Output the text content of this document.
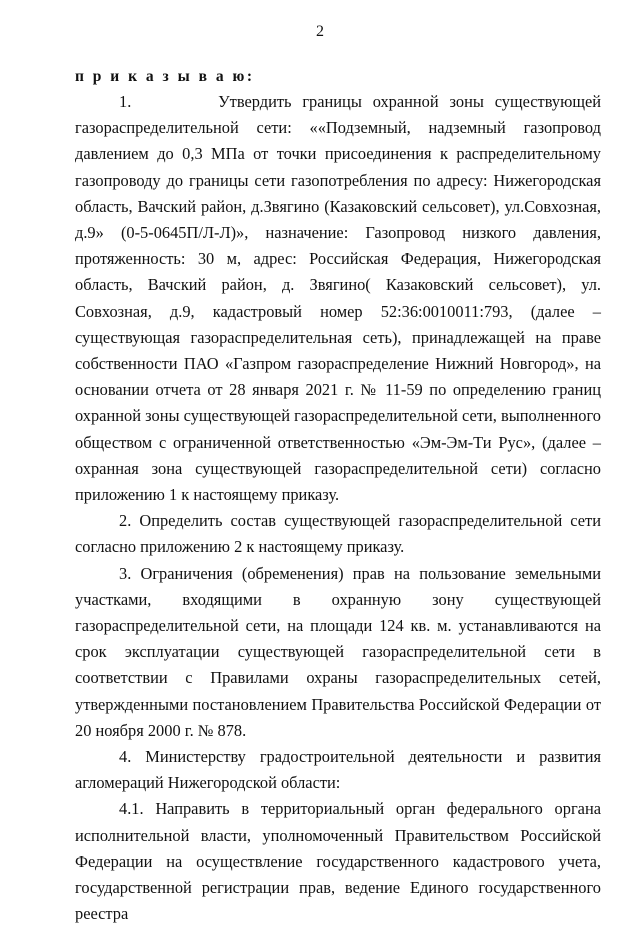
2
п р и к а з ы в а ю:

1.        Утвердить границы охранной зоны существующей газораспределительной сети: ««Подземный, надземный газопровод давлением до 0,3 МПа от точки присоединения к распределительному газопроводу до границы сети газопотребления по адресу: Нижегородская область, Вачский район, д.Звягино (Казаковский сельсовет), ул.Совхозная, д.9» (0-5-0645П/Л-Л)», назначение: Газопровод низкого давления, протяженность: 30 м, адрес: Российская Федерация, Нижегородская область, Вачский район, д. Звягино( Казаковский сельсовет), ул. Совхозная, д.9, кадастровый номер 52:36:0010011:793, (далее – существующая газораспределительная сеть), принадлежащей на праве собственности ПАО «Газпром газораспределение Нижний Новгород», на основании отчета от 28 января 2021 г. № 11-59 по определению границ охранной зоны существующей газораспределительной сети, выполненного обществом с ограниченной ответственностью «Эм-Эм-Ти Рус», (далее – охранная зона существующей газораспределительной сети) согласно приложению 1 к настоящему приказу.

2. Определить состав существующей газораспределительной сети согласно приложению 2 к настоящему приказу.

3. Ограничения (обременения) прав на пользование земельными участками, входящими в охранную зону существующей газораспределительной сети, на площади 124 кв. м. устанавливаются на срок эксплуатации существующей газораспределительной сети в соответствии с Правилами охраны газораспределительных сетей, утвержденными постановлением Правительства Российской Федерации от 20 ноября 2000 г. № 878.

4. Министерству градостроительной деятельности и развития агломераций Нижегородской области:

4.1. Направить в территориальный орган федерального органа исполнительной власти, уполномоченный Правительством Российской Федерации на осуществление государственного кадастрового учета, государственной регистрации прав, ведение Единого государственного реестра
